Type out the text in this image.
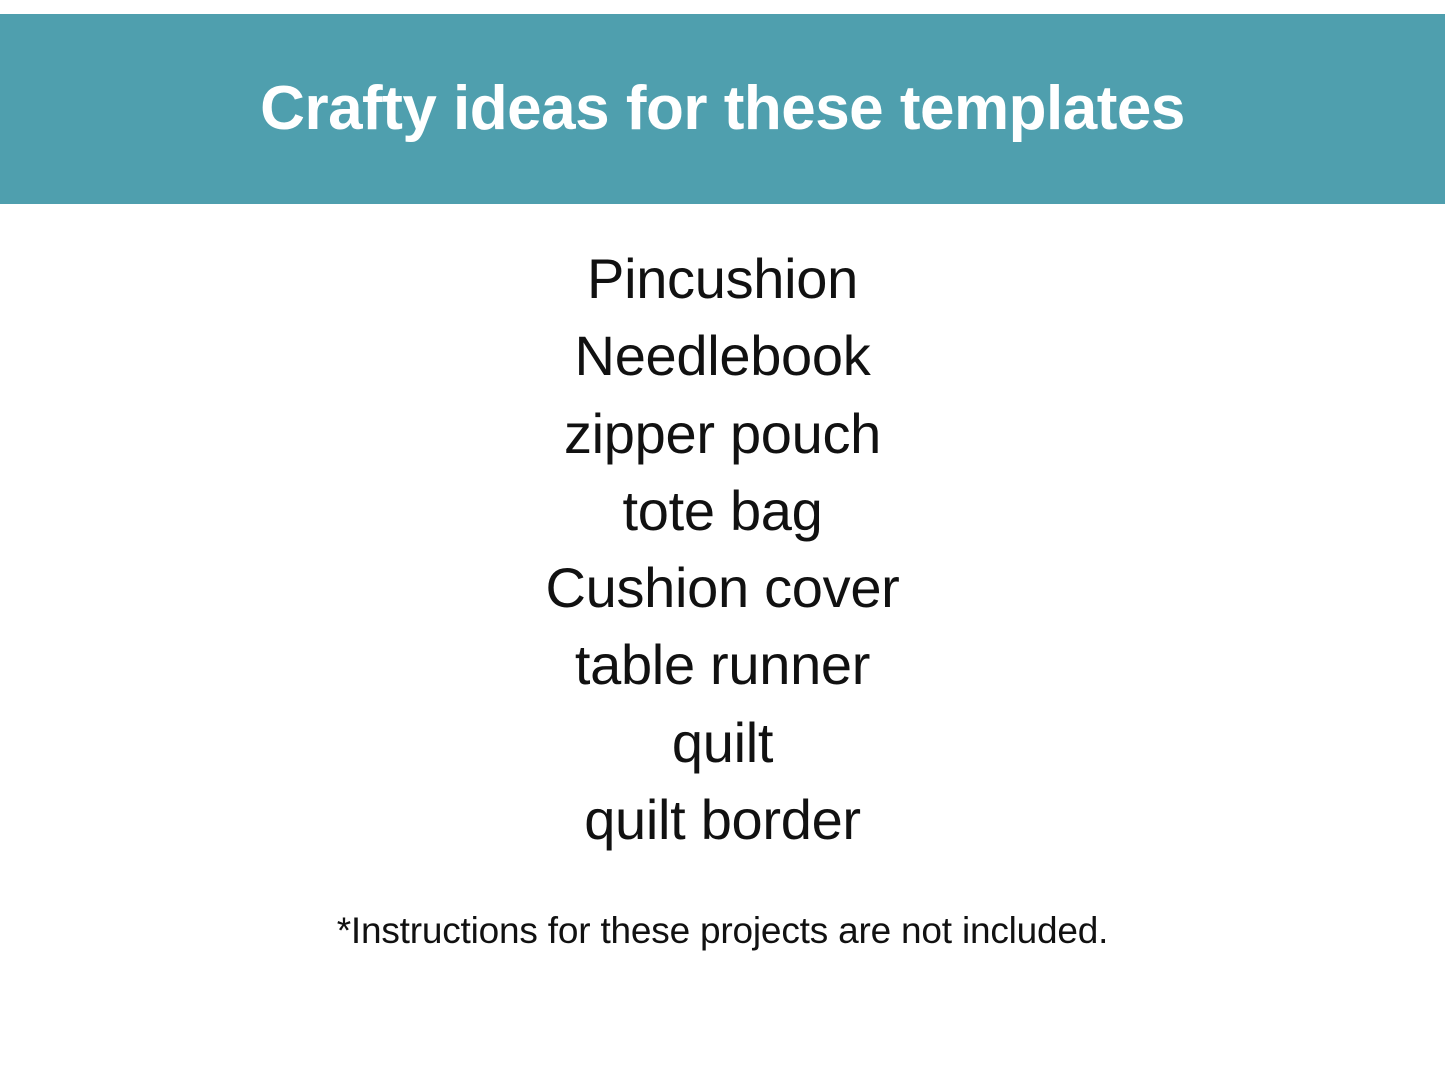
Crafty ideas for these templates
Pincushion
Needlebook
zipper pouch
tote bag
Cushion cover
table runner
quilt
quilt border
*Instructions for these projects are not included.
